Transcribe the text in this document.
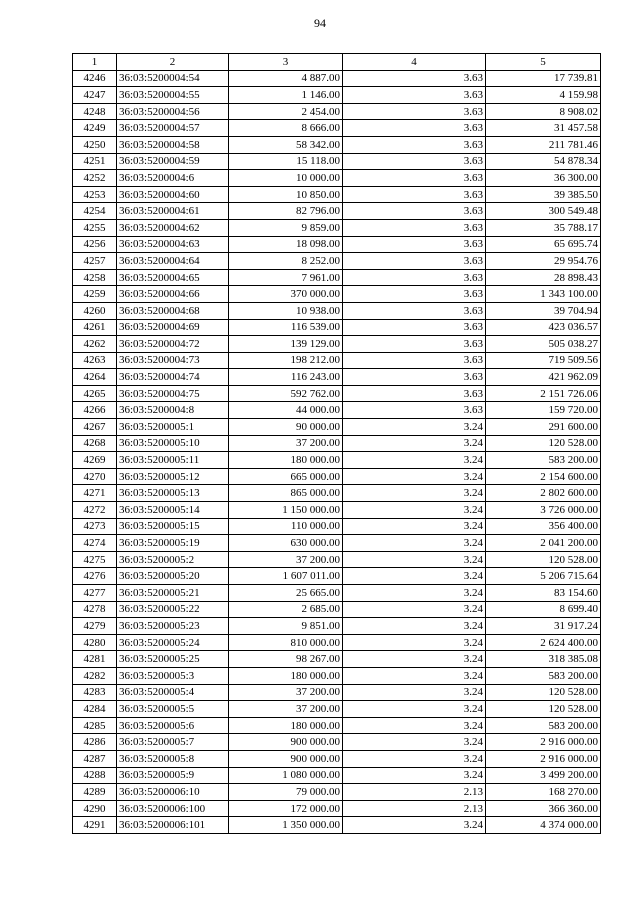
94
1	2	3	4	5
4246	36:03:5200004:54	4 887.00	3.63	17 739.81
4247	36:03:5200004:55	1 146.00	3.63	4 159.98
4248	36:03:5200004:56	2 454.00	3.63	8 908.02
4249	36:03:5200004:57	8 666.00	3.63	31 457.58
4250	36:03:5200004:58	58 342.00	3.63	211 781.46
4251	36:03:5200004:59	15 118.00	3.63	54 878.34
4252	36:03:5200004:6	10 000.00	3.63	36 300.00
4253	36:03:5200004:60	10 850.00	3.63	39 385.50
4254	36:03:5200004:61	82 796.00	3.63	300 549.48
4255	36:03:5200004:62	9 859.00	3.63	35 788.17
4256	36:03:5200004:63	18 098.00	3.63	65 695.74
4257	36:03:5200004:64	8 252.00	3.63	29 954.76
4258	36:03:5200004:65	7 961.00	3.63	28 898.43
4259	36:03:5200004:66	370 000.00	3.63	1 343 100.00
4260	36:03:5200004:68	10 938.00	3.63	39 704.94
4261	36:03:5200004:69	116 539.00	3.63	423 036.57
4262	36:03:5200004:72	139 129.00	3.63	505 038.27
4263	36:03:5200004:73	198 212.00	3.63	719 509.56
4264	36:03:5200004:74	116 243.00	3.63	421 962.09
4265	36:03:5200004:75	592 762.00	3.63	2 151 726.06
4266	36:03:5200004:8	44 000.00	3.63	159 720.00
4267	36:03:5200005:1	90 000.00	3.24	291 600.00
4268	36:03:5200005:10	37 200.00	3.24	120 528.00
4269	36:03:5200005:11	180 000.00	3.24	583 200.00
4270	36:03:5200005:12	665 000.00	3.24	2 154 600.00
4271	36:03:5200005:13	865 000.00	3.24	2 802 600.00
4272	36:03:5200005:14	1 150 000.00	3.24	3 726 000.00
4273	36:03:5200005:15	110 000.00	3.24	356 400.00
4274	36:03:5200005:19	630 000.00	3.24	2 041 200.00
4275	36:03:5200005:2	37 200.00	3.24	120 528.00
4276	36:03:5200005:20	1 607 011.00	3.24	5 206 715.64
4277	36:03:5200005:21	25 665.00	3.24	83 154.60
4278	36:03:5200005:22	2 685.00	3.24	8 699.40
4279	36:03:5200005:23	9 851.00	3.24	31 917.24
4280	36:03:5200005:24	810 000.00	3.24	2 624 400.00
4281	36:03:5200005:25	98 267.00	3.24	318 385.08
4282	36:03:5200005:3	180 000.00	3.24	583 200.00
4283	36:03:5200005:4	37 200.00	3.24	120 528.00
4284	36:03:5200005:5	37 200.00	3.24	120 528.00
4285	36:03:5200005:6	180 000.00	3.24	583 200.00
4286	36:03:5200005:7	900 000.00	3.24	2 916 000.00
4287	36:03:5200005:8	900 000.00	3.24	2 916 000.00
4288	36:03:5200005:9	1 080 000.00	3.24	3 499 200.00
4289	36:03:5200006:10	79 000.00	2.13	168 270.00
4290	36:03:5200006:100	172 000.00	2.13	366 360.00
4291	36:03:5200006:101	1 350 000.00	3.24	4 374 000.00
